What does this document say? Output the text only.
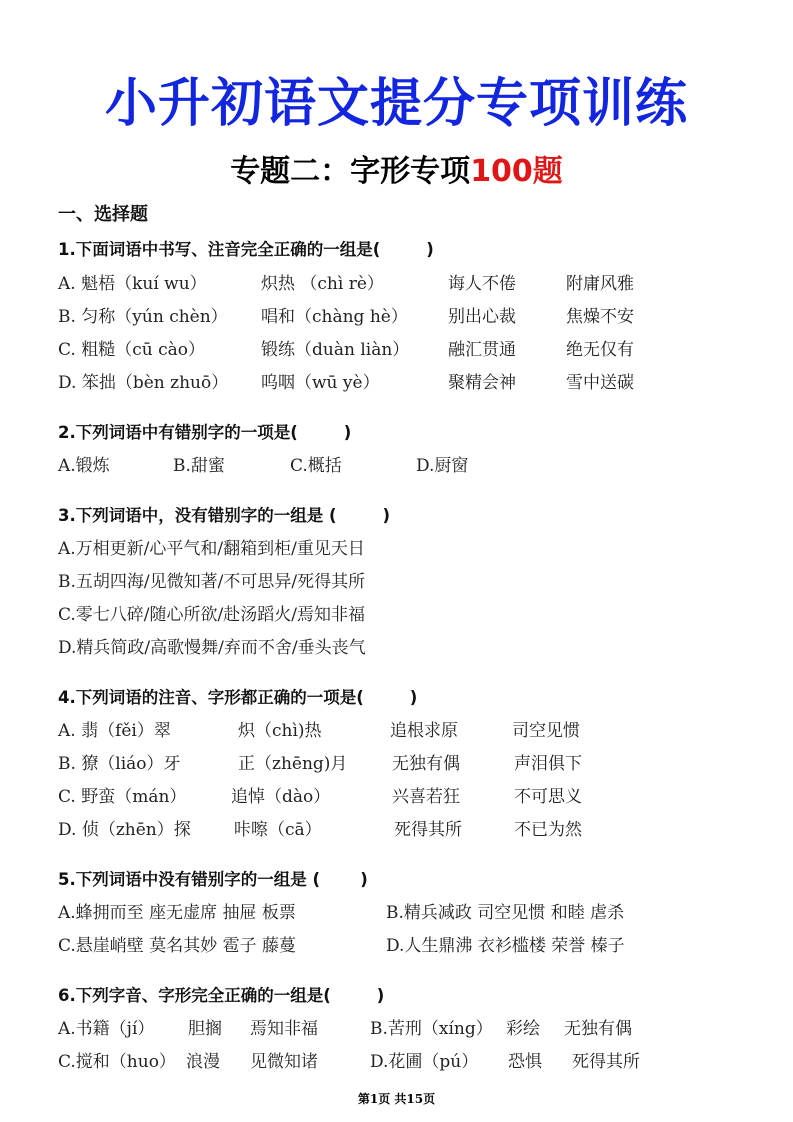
小升初语文提分专项训练
专题二：字形专项100题
一、选择题
1.下面词语中书写、注音完全正确的一组是(        )
A. 魁梧（kuí wu）	炽热 （chì rè）	诲人不倦	附庸风雅
B. 匀称（yún chèn） 唱和（chàng hè） 别出心裁	焦燥不安
C. 粗糙（cū cào）	锻练（duàn liàn） 融汇贯通	绝无仅有
D. 笨拙（bèn zhuō） 呜咽（wū yè）	聚精会神	雪中送碳
2.下列词语中有错别字的一项是(        )
A.锻炼	B.甜蜜	C.概括	D.厨窗
3.下列词语中，没有错别字的一组是 (        )
A.万相更新/心平气和/翻箱到柜/重见天日
B.五胡四海/见微知著/不可思异/死得其所
C.零七八碎/随心所欲/赴汤蹈火/焉知非福
D.精兵简政/高歌慢舞/弃而不舍/垂头丧气
4.下列词语的注音、字形都正确的一项是(        )
A. 翡（fěi）翠	炽（chì)热	追根求原	司空见惯
B. 獠（liáo）牙	正（zhēng)月	无独有偶	声泪俱下
C. 野蛮（mán）	追悼（dào）	兴喜若狂	不可思义
D. 侦（zhēn）探	咔嚓（cā）	死得其所	不已为然
5.下列词语中没有错别字的一组是 (       )
A.蜂拥而至 座无虚席 抽屉 板票	B.精兵减政 司空见惯 和睦 虐杀
C.悬崖峭壁 莫名其妙 雹子 藤蔓	D.人生鼎沸 衣衫槛楼 荣誉 榛子
6.下列字音、字形完全正确的一组是(        )
A.书籍（jí） 胆搁 焉知非福	B.苦刑（xíng） 彩绘 无独有偶
C.搅和（huo） 浪漫 见微知诸	D.花圃（pú） 恐惧 死得其所
第1页 共15页
